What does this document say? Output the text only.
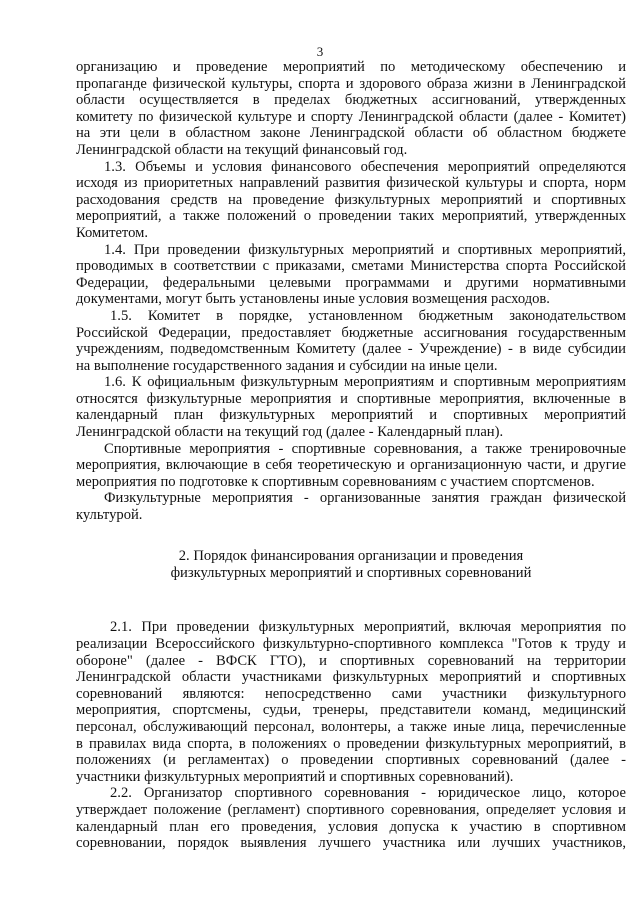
3
организацию и проведение мероприятий по методическому обеспечению и
пропаганде физической культуры, спорта и здорового образа жизни в Ленинградской
области осуществляется в пределах бюджетных ассигнований, утвержденных
комитету по физической культуре и спорту Ленинградской области (далее - Комитет)
на эти цели в областном законе Ленинградской области об областном бюджете
Ленинградской области на текущий финансовый год.
1.3. Объемы и условия финансового обеспечения мероприятий определяются
исходя из приоритетных направлений развития физической культуры и спорта, норм
расходования средств на проведение физкультурных мероприятий и спортивных
мероприятий, а также положений о проведении таких мероприятий, утвержденных
Комитетом.
1.4. При проведении физкультурных мероприятий и спортивных мероприятий,
проводимых в соответствии с приказами, сметами Министерства спорта Российской
Федерации, федеральными целевыми программами и другими нормативными
документами, могут быть установлены иные условия возмещения расходов.
1.5. Комитет в порядке, установленном бюджетным законодательством
Российской Федерации, предоставляет бюджетные ассигнования государственным
учреждениям, подведомственным Комитету (далее - Учреждение) - в виде субсидии
на выполнение государственного задания и субсидии на иные цели.
1.6. К официальным физкультурным мероприятиям и спортивным мероприятиям
относятся физкультурные мероприятия и спортивные мероприятия, включенные в
календарный план физкультурных мероприятий и спортивных мероприятий
Ленинградской области на текущий год (далее - Календарный план).
Спортивные мероприятия - спортивные соревнования, а также тренировочные
мероприятия, включающие в себя теоретическую и организационную части, и другие
мероприятия по подготовке к спортивным соревнованиям с участием спортсменов.
Физкультурные мероприятия - организованные занятия граждан физической
культурой.
2. Порядок финансирования организации и проведения
физкультурных мероприятий и спортивных соревнований
2.1. При проведении физкультурных мероприятий, включая мероприятия по
реализации Всероссийского физкультурно-спортивного комплекса "Готов к труду и
обороне" (далее - ВФСК ГТО), и спортивных соревнований на территории
Ленинградской области участниками физкультурных мероприятий и спортивных
соревнований являются: непосредственно сами участники физкультурного
мероприятия, спортсмены, судьи, тренеры, представители команд, медицинский
персонал, обслуживающий персонал, волонтеры, а также иные лица, перечисленные
в правилах вида спорта, в положениях о проведении физкультурных мероприятий, в
положениях (и регламентах) о проведении спортивных соревнований (далее -
участники физкультурных мероприятий и спортивных соревнований).
2.2. Организатор спортивного соревнования - юридическое лицо, которое
утверждает положение (регламент) спортивного соревнования, определяет условия и
календарный план его проведения, условия допуска к участию в спортивном
соревновании, порядок выявления лучшего участника или лучших участников,
